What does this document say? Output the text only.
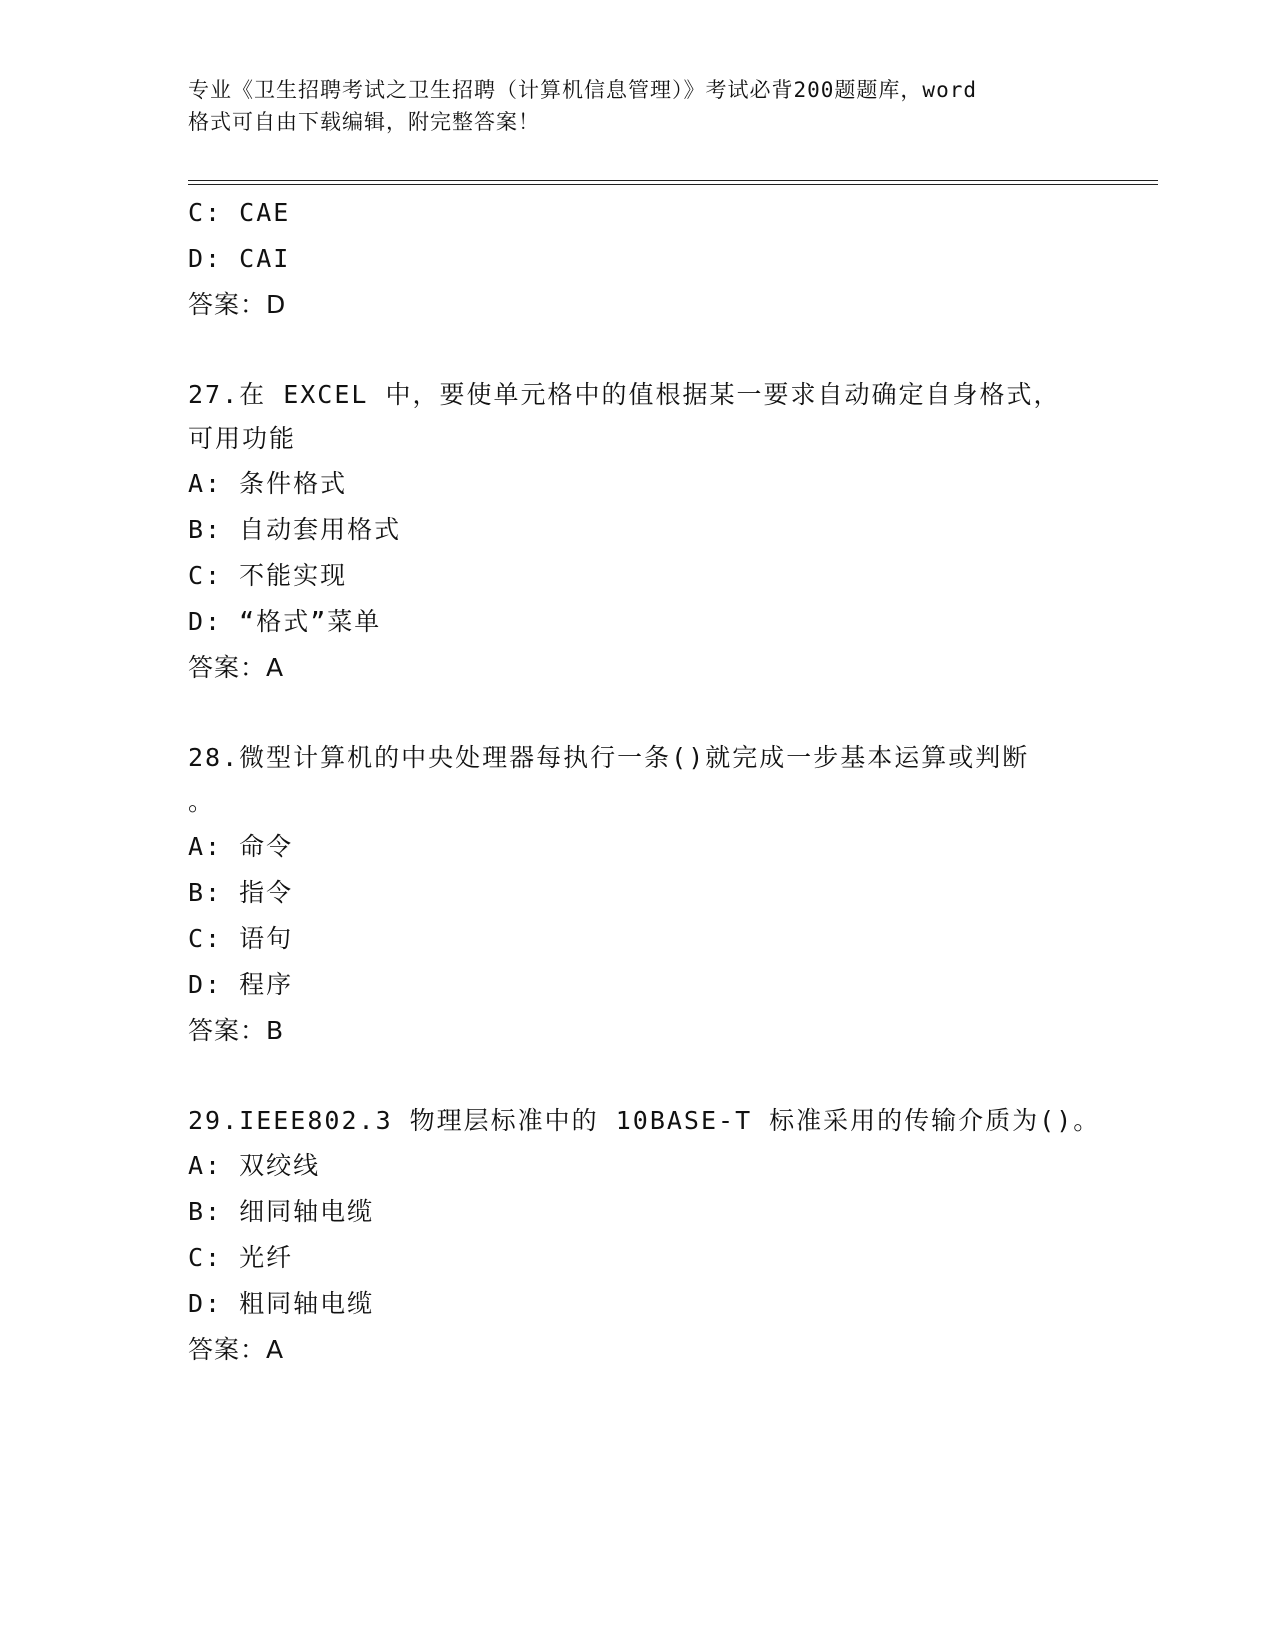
专业《卫生招聘考试之卫生招聘（计算机信息管理）》考试必背200题题库，word
格式可自由下载编辑，附完整答案！
C: CAE
D: CAI
答案：D
27.在 EXCEL 中，要使单元格中的值根据某一要求自动确定自身格式，
可用功能
A: 条件格式
B: 自动套用格式
C: 不能实现
D: “格式”菜单
答案：A
28.微型计算机的中央处理器每执行一条()就完成一步基本运算或判断
。
A: 命令
B: 指令
C: 语句
D: 程序
答案：B
29.IEEE802.3 物理层标准中的 10BASE-T 标准采用的传输介质为()。
A: 双绞线
B: 细同轴电缆
C: 光纤
D: 粗同轴电缆
答案：A
